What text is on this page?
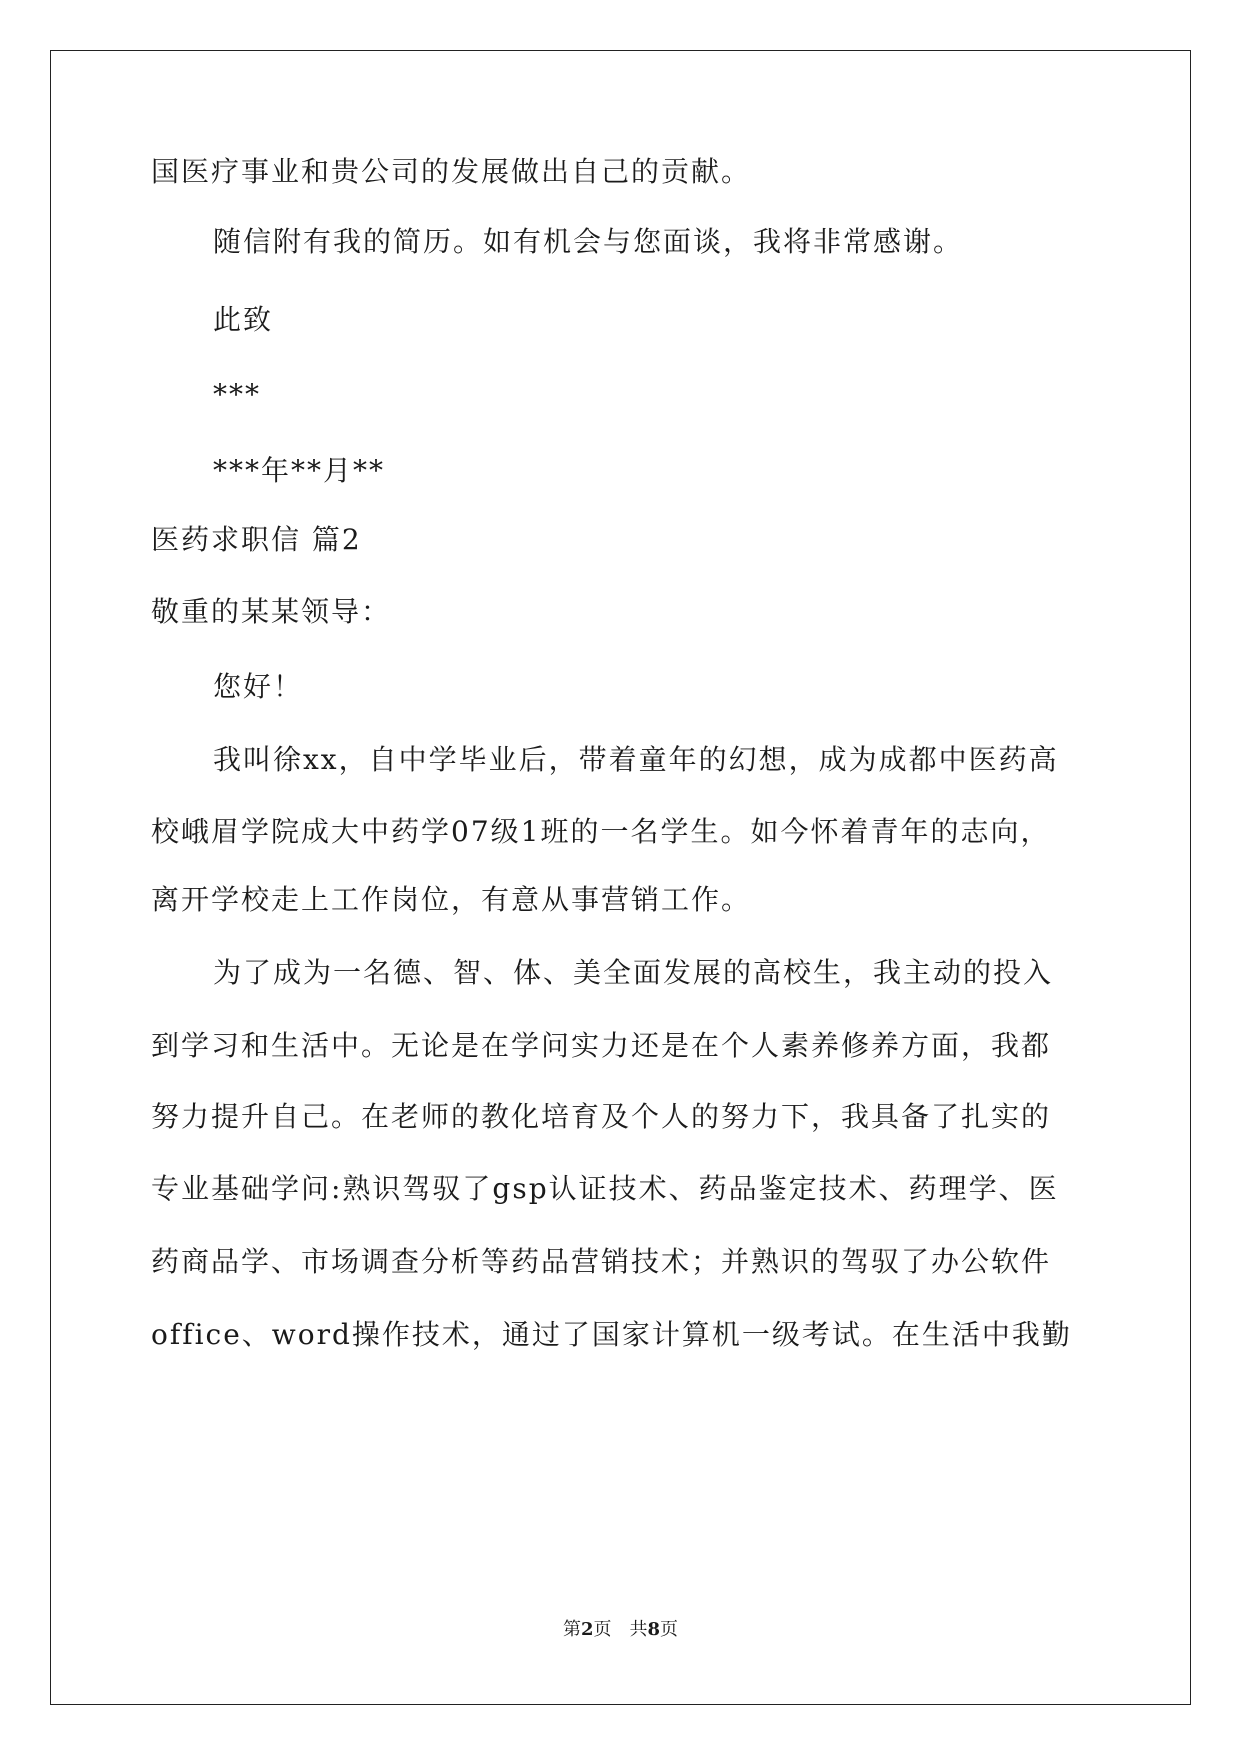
国医疗事业和贵公司的发展做出自己的贡献。
随信附有我的简历。如有机会与您面谈，我将非常感谢。
此致
***
***年**月**
医药求职信 篇2
敬重的某某领导：
您好！
我叫徐xx，自中学毕业后，带着童年的幻想，成为成都中医药高
校峨眉学院成大中药学07级1班的一名学生。如今怀着青年的志向，
离开学校走上工作岗位，有意从事营销工作。
为了成为一名德、智、体、美全面发展的高校生，我主动的投入
到学习和生活中。无论是在学问实力还是在个人素养修养方面，我都
努力提升自己。在老师的教化培育及个人的努力下，我具备了扎实的
专业基础学问:熟识驾驭了gsp认证技术、药品鉴定技术、药理学、医
药商品学、市场调查分析等药品营销技术；并熟识的驾驭了办公软件
office、word操作技术，通过了国家计算机一级考试。在生活中我勤
第2页　共8页
